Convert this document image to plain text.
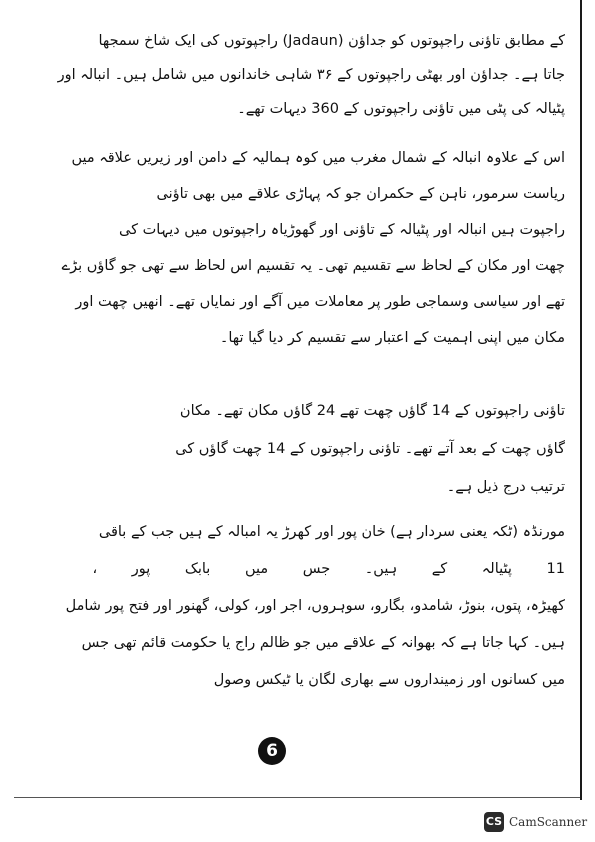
کے مطابق تاؤنی راجپوتوں کو جداؤن (Jadaun) راجپوتوں کی ایک شاخ سمجھا
جاتا ہے۔ جداؤن اور بھٹی راجپوتوں کے ۳۶ شاہی خاندانوں میں شامل ہیں۔ انبالہ اور
پٹیالہ کی پٹی میں تاؤنی راجپوتوں کے 360 دیہات تھے۔
اس کے علاوہ انبالہ کے شمال مغرب میں کوہ ہمالیہ کے دامن اور زیریں علاقہ میں
ریاست سرمور، ناہن کے حکمران جو کہ پہاڑی علاقے میں بھی تاؤنی
راجپوت ہیں انبالہ اور پٹیالہ کے تاؤنی اور گھوڑیاہ راجپوتوں میں دیہات کی
چھت اور مکان کے لحاظ سے تقسیم تھی۔ یہ تقسیم اس لحاظ سے تھی جو گاؤں بڑے
تھے اور سیاسی وسماجی طور پر معاملات میں آگے اور نمایاں تھے۔ انھیں چھت اور
مکان میں اپنی اہمیت کے اعتبار سے تقسیم کر دیا گیا تھا۔
تاؤنی راجپوتوں کے 14 گاؤں چھت تھے 24 گاؤں مکان تھے۔ مکان
گاؤں چھت کے بعد آتے تھے۔ تاؤنی راجپوتوں کے 14 چھت گاؤں کی
ترتیب درج ذیل ہے۔
مورنڈہ (ٹکہ یعنی سردار ہے) خان پور اور کھرڑ یہ امبالہ کے ہیں جب کے باقی
11 پٹیالہ کے ہیں۔ جس میں بابک پور ،
کھیڑہ، پتوں، بنوڑ، شامدو، بگارو، سوہروں، اجر اور، کولی، گھنور اور فتح پور شامل
ہیں۔ کہا جاتا ہے کہ بھوانہ کے علاقے میں جو ظالم راج یا حکومت قائم تھی جس
میں کسانوں اور زمینداروں سے بھاری لگان یا ٹیکس وصول
6
CS CamScanner
